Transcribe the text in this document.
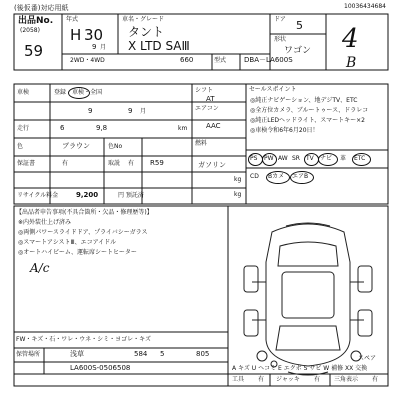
(後仮番)対応用紙	10036434684
出品No.
(2058)
59
年式
H 30
9 月
車名・グレード
タント
X LTD SAⅢ
2WD・4WD	660	型式	DBA－LA600S
ドア 5
形状
ワゴン 4
B
車検	登録・車検・全国
9	9 月
走行	6	9,8	km
色	ブラウン	色No
保証書	有	取説 有 R59
リサイクル料金	9,200	円 預託済
シフト
AT
エアコン
AAC
燃料
ガソリン
kg
kg
セールスポイント
◎純正ナビゲーション、地デジTV、ETC
◎全方位カメラ、ブルートゥース、ドラレコ
◎純正LEDヘッドライト、スマートキー×2
◎車検令和6年6月20日！
PS PW AW SR TV ナビ 革 ETC
CD Bカメ エアB
【出品者申告事項(不具合箇所・欠品・修理歴等)】
※内外装仕上げ済み
◎両側パワースライドドア、プライバシーガラス
◎スマートアシストⅢ、エコアイドル
◎オートハイビーム、運転席シートヒーター
A/c
FW・キズ・石・ワレ・ウネ・シミ・ヨゴレ・キズ
保管場所	浅草	584 5	805
LA600S-0506508	A キズ U ヘコミ E エクボ S サビ W 補修 XX 交換
スペア
工具 有 ジャッキ 有 三角表示 有
